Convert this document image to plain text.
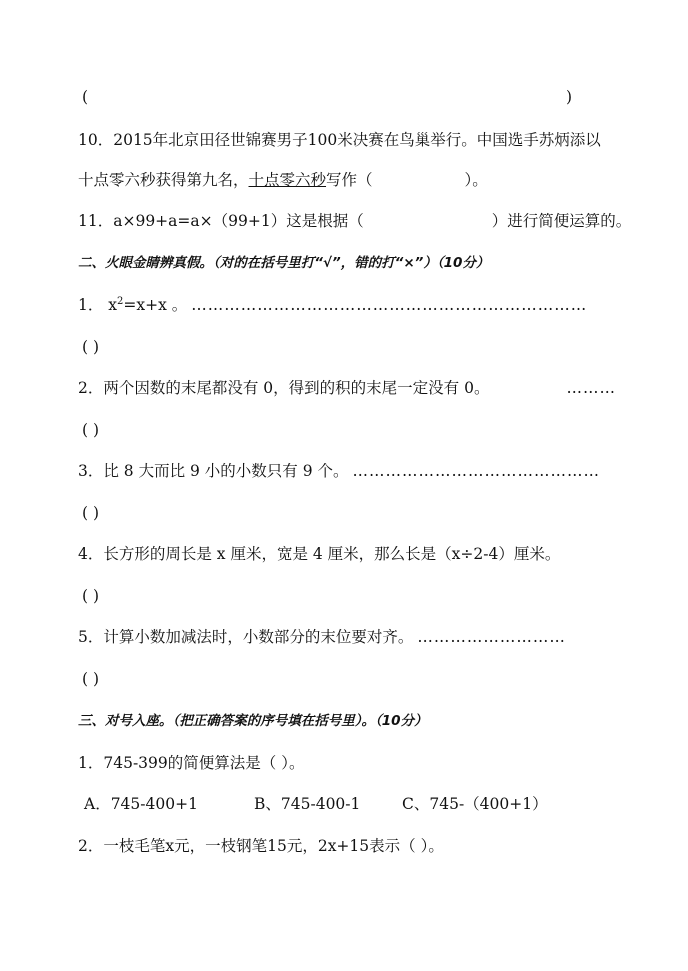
(	)
10．2015年北京田径世锦赛男子100米决赛在鸟巢举行。中国选手苏炳添以
十点零六秒获得第九名，十点零六秒写作（	）。
11．a×99+a=a×（99+1）这是根据（	）进行简便运算的。
二、火眼金睛辨真假。（对的在括号里打“√”，错的打“×”）（10分）
1． $x^2=x+x$ 。 ………………………………………………………………
( )
2．两个因数的末尾都没有 0，得到的积的末尾一定没有 0。	………
( )
3．比 8 大而比 9 小的小数只有 9 个。 ………………………………………
( )
4．长方形的周长是 x 厘米，宽是 4 厘米，那么长是（x÷2-4）厘米。
( )
5．计算小数加减法时，小数部分的末位要对齐。 ………………………
( )
三、对号入座。（把正确答案的序号填在括号里）。（10分）
1．745-399的简便算法是（ ）。
A．745-400+1	B、745-400-1	C、745-（400+1）
2．一枝毛笔x元，一枝钢笔15元，2x+15表示（ ）。
